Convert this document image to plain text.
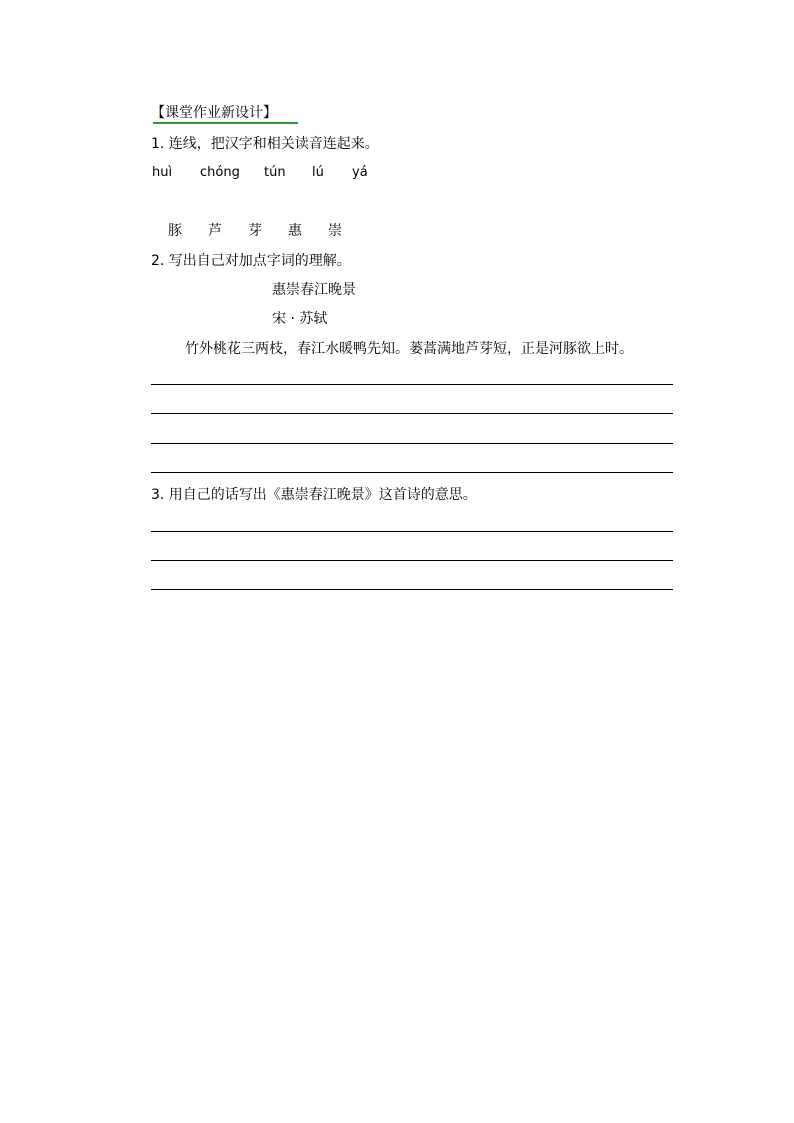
【课堂作业新设计】
1. 连线，把汉字和相关读音连起来。
huì chóng tún lú yá
豚 芦 芽 惠 崇
2. 写出自己对加点字词的理解。
惠崇春江晚景
宋 · 苏轼
竹外桃花三两枝，春江水暖鸭先知。蒌蒿满地芦芽短，正是河豚欲上时。
3. 用自己的话写出《惠崇春江晚景》这首诗的意思。
